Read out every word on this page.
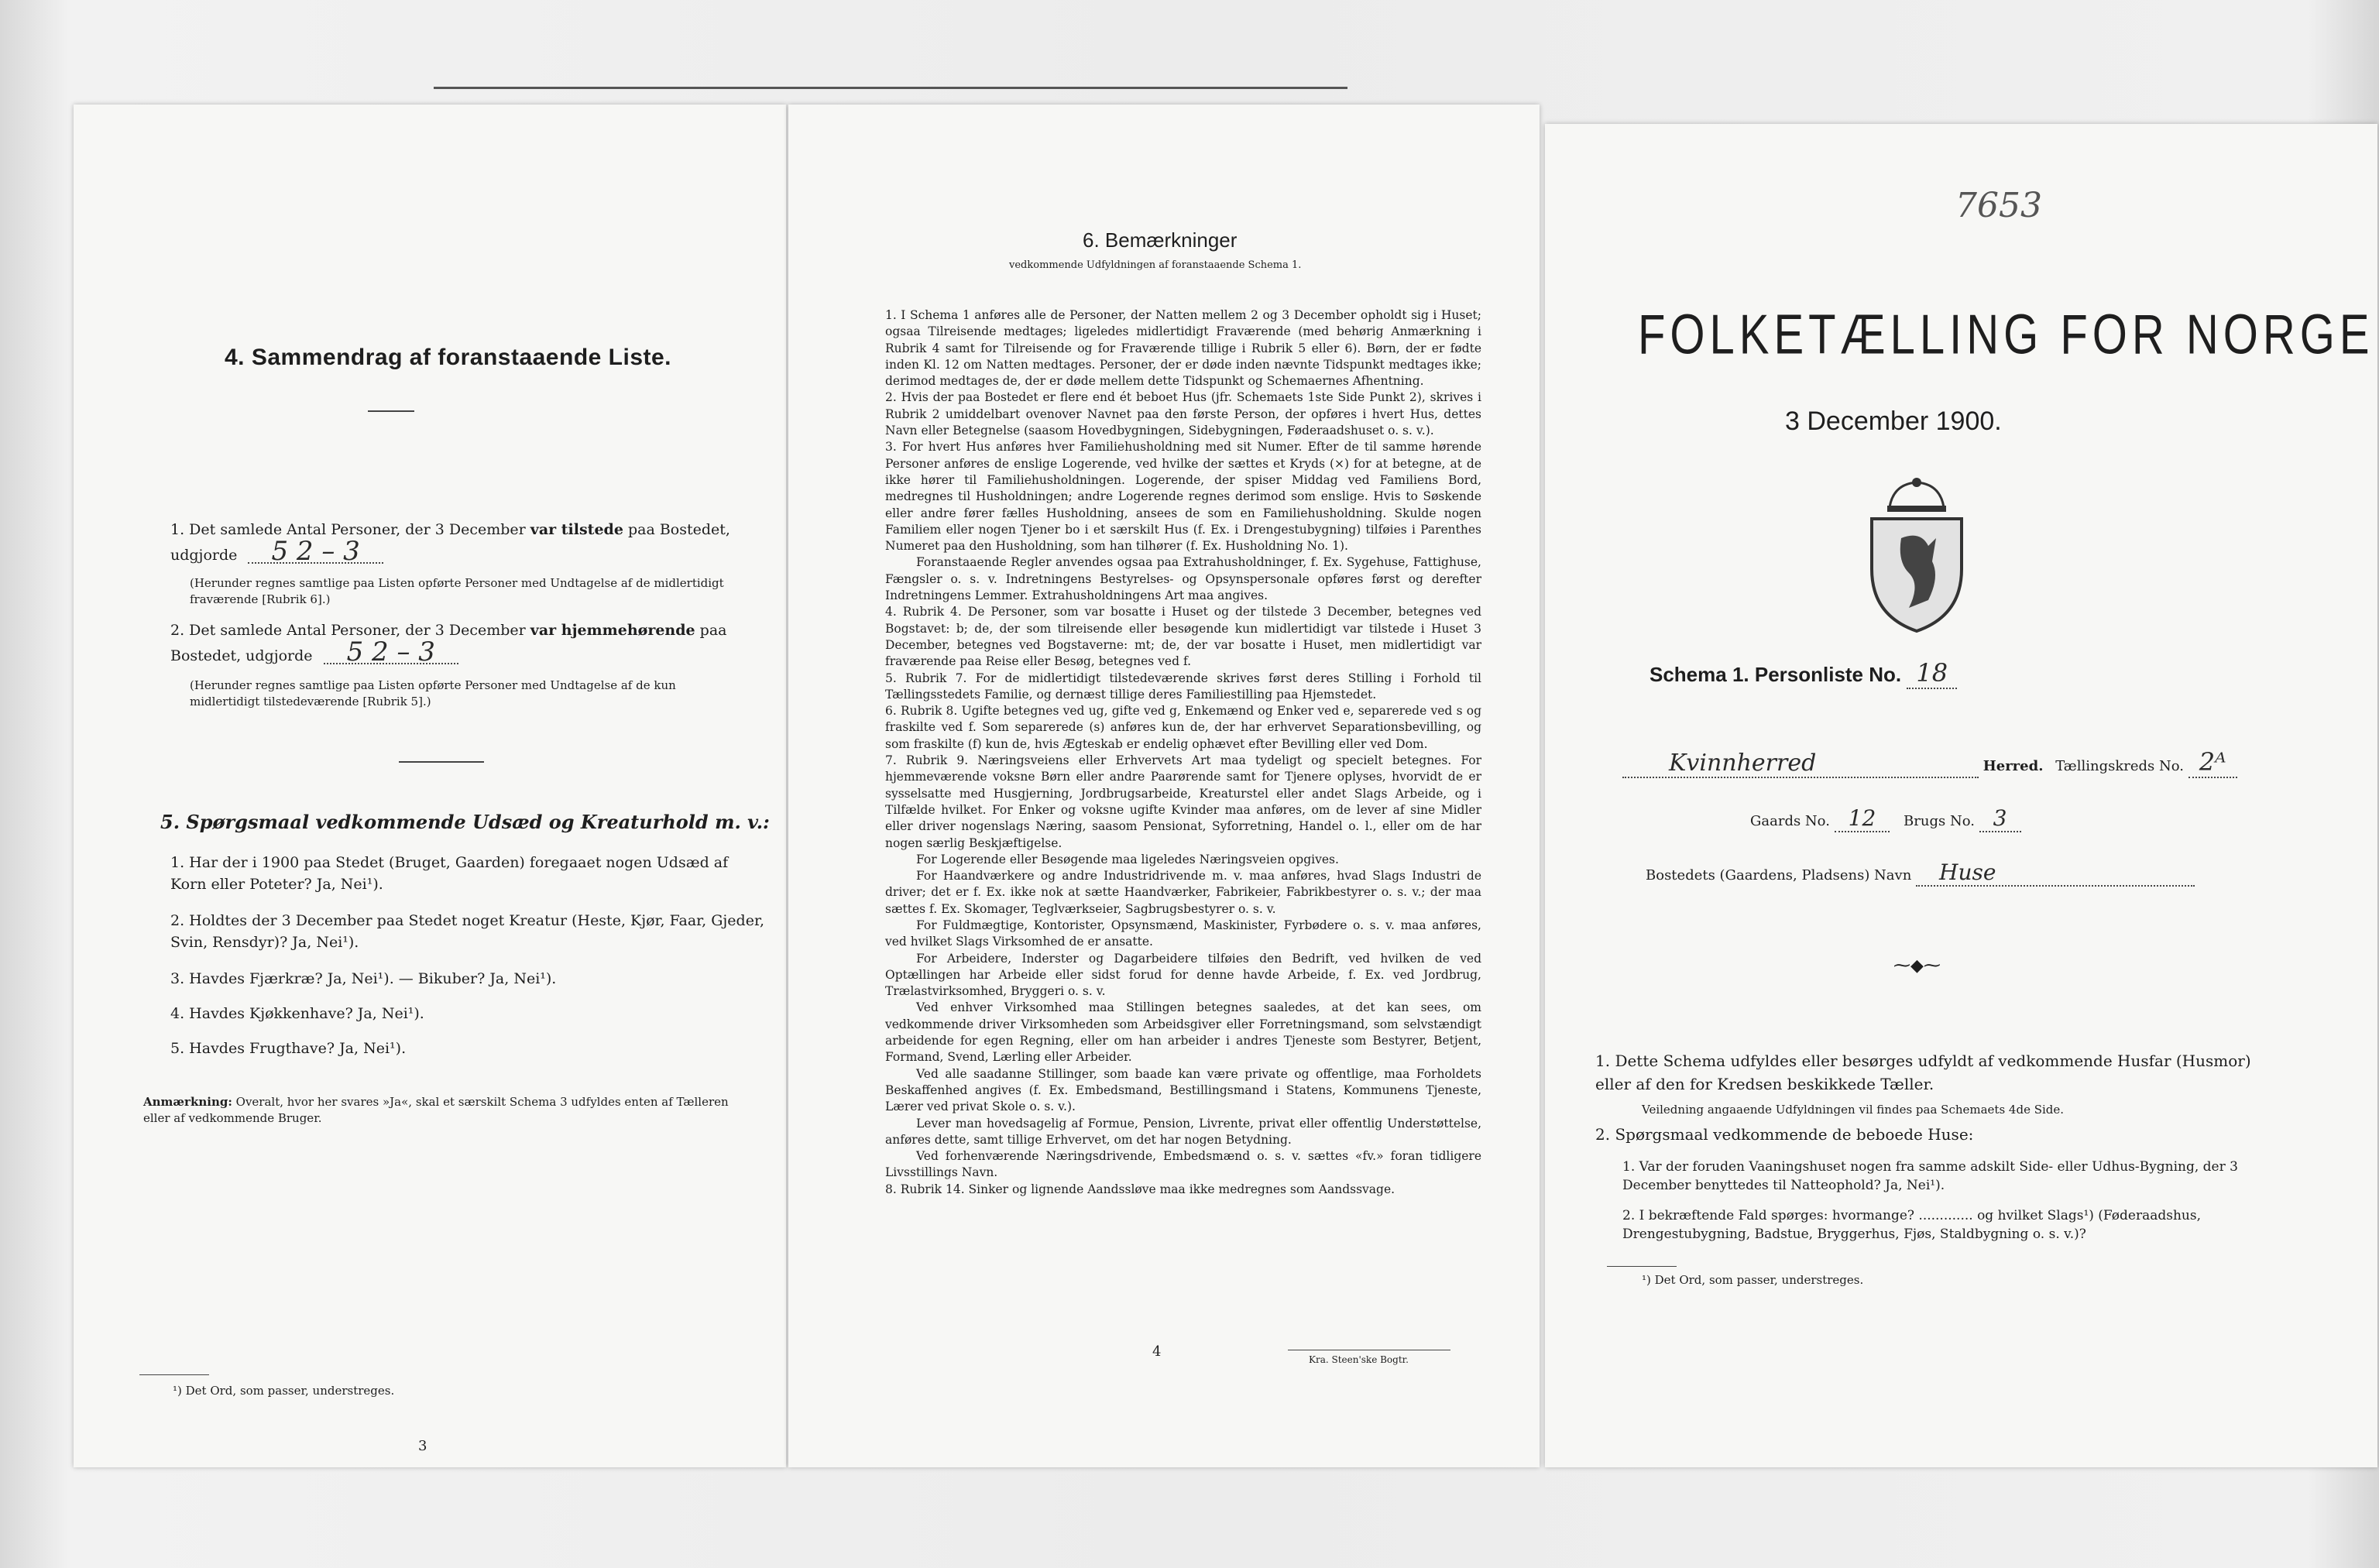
4. Sammendrag af foranstaaende Liste.
1. Det samlede Antal Personer, der 3 December var tilstede paa Bostedet,
udgjorde 5 2 – 3
(Herunder regnes samtlige paa Listen opførte Personer med Undtagelse af de midlertidigt fraværende [Rubrik 6].)
2. Det samlede Antal Personer, der 3 December var hjemmehørende paa
Bostedet, udgjorde 5 2 – 3
(Herunder regnes samtlige paa Listen opførte Personer med Undtagelse af de kun midlertidigt tilstedeværende [Rubrik 5].)
5. Spørgsmaal vedkommende Udsæd og Kreaturhold m. v.:
1. Har der i 1900 paa Stedet (Bruget, Gaarden) foregaaet nogen Udsæd af Korn eller Poteter? Ja, Nei¹).
2. Holdtes der 3 December paa Stedet noget Kreatur (Heste, Kjør, Faar, Gjeder, Svin, Rensdyr)? Ja, Nei¹).
3. Havdes Fjærkræ? Ja, Nei¹). — Bikuber? Ja, Nei¹).
4. Havdes Kjøkkenhave? Ja, Nei¹).
5. Havdes Frugthave? Ja, Nei¹).
Anmærkning: Overalt, hvor her svares »Ja«, skal et særskilt Schema 3 udfyldes enten af Tælleren eller af vedkommende Bruger.
¹) Det Ord, som passer, understreges.
3
6. Bemærkninger
vedkommende Udfyldningen af foranstaaende Schema 1.
1. I Schema 1 anføres alle de Personer, der Natten mellem 2 og 3 December opholdt sig i Huset; ogsaa Tilreisende medtages; ligeledes midlertidigt Fraværende (med behørig Anmærkning i Rubrik 4 samt for Tilreisende og for Fraværende tillige i Rubrik 5 eller 6). Børn, der er fødte inden Kl. 12 om Natten medtages. Personer, der er døde inden nævnte Tidspunkt medtages ikke; derimod medtages de, der er døde mellem dette Tidspunkt og Schemaernes Afhentning.
2. Hvis der paa Bostedet er flere end ét beboet Hus (jfr. Schemaets 1ste Side Punkt 2), skrives i Rubrik 2 umiddelbart ovenover Navnet paa den første Person, der opføres i hvert Hus, dettes Navn eller Betegnelse (saasom Hovedbygningen, Sidebygningen, Føderaadshuset o. s. v.).
3. For hvert Hus anføres hver Familiehusholdning med sit Numer. Efter de til samme hørende Personer anføres de enslige Logerende, ved hvilke der sættes et Kryds (×) for at betegne, at de ikke hører til Familiehusholdningen. Logerende, der spiser Middag ved Familiens Bord, medregnes til Husholdningen; andre Logerende regnes derimod som enslige. Hvis to Søskende eller andre fører fælles Husholdning, ansees de som en Familiehusholdning. Skulde nogen Familiem eller nogen Tjener bo i et særskilt Hus (f. Ex. i Drengestubygning) tilføies i Parenthes Numeret paa den Husholdning, som han tilhører (f. Ex. Husholdning No. 1).
Foranstaaende Regler anvendes ogsaa paa Extrahusholdninger, f. Ex. Sygehuse, Fattighuse, Fængsler o. s. v. Indretningens Bestyrelses- og Opsynspersonale opføres først og derefter Indretningens Lemmer. Extrahusholdningens Art maa angives.
4. Rubrik 4. De Personer, som var bosatte i Huset og der tilstede 3 December, betegnes ved Bogstavet: b; de, der som tilreisende eller besøgende kun midlertidigt var tilstede i Huset 3 December, betegnes ved Bogstaverne: mt; de, der var bosatte i Huset, men midlertidigt var fraværende paa Reise eller Besøg, betegnes ved f.
5. Rubrik 7. For de midlertidigt tilstedeværende skrives først deres Stilling i Forhold til Tællingsstedets Familie, og dernæst tillige deres Familiestilling paa Hjemstedet.
6. Rubrik 8. Ugifte betegnes ved ug, gifte ved g, Enkemænd og Enker ved e, separerede ved s og fraskilte ved f. Som separerede (s) anføres kun de, der har erhvervet Separationsbevilling, og som fraskilte (f) kun de, hvis Ægteskab er endelig ophævet efter Bevilling eller ved Dom.
7. Rubrik 9. Næringsveiens eller Erhvervets Art maa tydeligt og specielt betegnes. For hjemmeværende voksne Børn eller andre Paarørende samt for Tjenere oplyses, hvorvidt de er sysselsatte med Husgjerning, Jordbrugsarbeide, Kreaturstel eller andet Slags Arbeide, og i Tilfælde hvilket. For Enker og voksne ugifte Kvinder maa anføres, om de lever af sine Midler eller driver nogenslags Næring, saasom Pensionat, Syforretning, Handel o. l., eller om de har nogen særlig Beskjæftigelse.
For Logerende eller Besøgende maa ligeledes Næringsveien opgives.
For Haandværkere og andre Industridrivende m. v. maa anføres, hvad Slags Industri de driver; det er f. Ex. ikke nok at sætte Haandværker, Fabrikeier, Fabrikbestyrer o. s. v.; der maa sættes f. Ex. Skomager, Teglværkseier, Sagbrugsbestyrer o. s. v.
For Fuldmægtige, Kontorister, Opsynsmænd, Maskinister, Fyrbødere o. s. v. maa anføres, ved hvilket Slags Virksomhed de er ansatte.
For Arbeidere, Inderster og Dagarbeidere tilføies den Bedrift, ved hvilken de ved Optællingen har Arbeide eller sidst forud for denne havde Arbeide, f. Ex. ved Jordbrug, Trælastvirksomhed, Bryggeri o. s. v.
Ved enhver Virksomhed maa Stillingen betegnes saaledes, at det kan sees, om vedkommende driver Virksomheden som Arbeidsgiver eller Forretningsmand, som selvstændigt arbeidende for egen Regning, eller om han arbeider i andres Tjeneste som Bestyrer, Betjent, Formand, Svend, Lærling eller Arbeider.
Ved alle saadanne Stillinger, som baade kan være private og offentlige, maa Forholdets Beskaffenhed angives (f. Ex. Embedsmand, Bestillingsmand i Statens, Kommunens Tjeneste, Lærer ved privat Skole o. s. v.).
Lever man hovedsagelig af Formue, Pension, Livrente, privat eller offentlig Understøttelse, anføres dette, samt tillige Erhvervet, om det har nogen Betydning.
Ved forhenværende Næringsdrivende, Embedsmænd o. s. v. sættes «fv.» foran tidligere Livsstillings Navn.
8. Rubrik 14. Sinker og lignende Aandssløve maa ikke medregnes som Aandssvage.
4	Kra. Steen'ske Bogtr.
7653
FOLKETÆLLING FOR NORGE
3 December 1900.
Schema 1. Personliste No. 18
Kvinnherred	Herred. Tællingskreds No. 2ᴬ
Gaards No. 12 Brugs No. 3
Bostedets (Gaardens, Pladsens) Navn Huse
⁓◆⁓
1. Dette Schema udfyldes eller besørges udfyldt af vedkommende Husfar (Husmor) eller af den for Kredsen beskikkede Tæller.
Veiledning angaaende Udfyldningen vil findes paa Schemaets 4de Side.
2. Spørgsmaal vedkommende de beboede Huse:
1. Var der foruden Vaaningshuset nogen fra samme adskilt Side- eller Udhus-Bygning, der 3 December benyttedes til Natteophold? Ja, Nei¹).
2. I bekræftende Fald spørges: hvormange? ............. og hvilket Slags¹) (Føderaadshus, Drengestubygning, Badstue, Bryggerhus, Fjøs, Staldbygning o. s. v.)?
¹) Det Ord, som passer, understreges.
